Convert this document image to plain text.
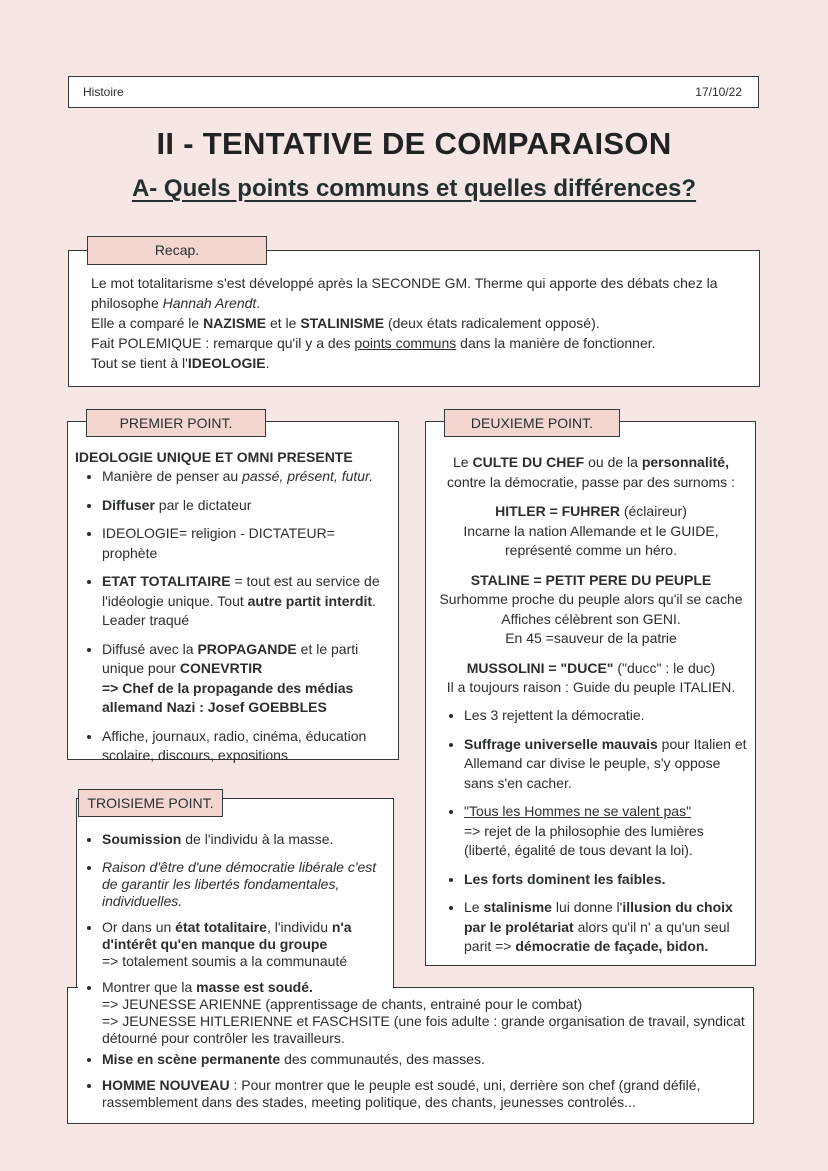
Histoire	17/10/22
II - TENTATIVE DE COMPARAISON
A- Quels points communs et quelles différences?
Recap.

Le mot totalitarisme s'est développé après la SECONDE GM. Therme qui apporte des débats chez la philosophe Hannah Arendt.

Elle a comparé le NAZISME et le STALINISME (deux états radicalement opposé).

Fait POLEMIQUE : remarque qu'il y a des points communs dans la manière de fonctionner.

Tout se tient à l'IDEOLOGIE.

PREMIER POINT.

IDEOLOGIE UNIQUE ET OMNI PRESENTE

• Manière de penser au passé, présent, futur.
• Diffuser par le dictateur
• IDEOLOGIE= religion - DICTATEUR= prophète
• ETAT TOTALITAIRE = tout est au service de l'idéologie unique. Tout autre partit interdit. Leader traqué
• Diffusé avec la PROPAGANDE et le parti unique pour CONEVRTIR
=> Chef de la propagande des médias allemand Nazi : Josef GOEBBLES
• Affiche, journaux, radio, cinéma, éducation scolaire, discours, expositions
DEUXIEME POINT.

Le CULTE DU CHEF ou de la personnalité,

contre la démocratie, passe par des surnoms :

HITLER = FUHRER (éclaireur)

Incarne la nation Allemande et le GUIDE,

représenté comme un héro.

STALINE = PETIT PERE DU PEUPLE

Surhomme proche du peuple alors qu'il se cache

Affiches célèbrent son GENI.

En 45 =sauveur de la patrie

MUSSOLINI = "DUCE" ("ducc" : le duc)

Il a toujours raison : Guide du peuple ITALIEN.

• Les 3 rejettent la démocratie.
• Suffrage universelle mauvais pour Italien et Allemand car divise le peuple, s'y oppose sans s'en cacher.
• "Tous les Hommes ne se valent pas"
=> rejet de la philosophie des lumières (liberté, égalité de tous devant la loi).
• Les forts dominent les faibles.
• Le stalinisme lui donne l'illusion du choix par le prolétariat alors qu'il n' a qu'un seul parit => démocratie de façade, bidon.
TROISIEME POINT.
• Soumission de l'individu à la masse.
• Raison d'être d'une démocratie libérale c'est de garantir les libertés fondamentales, individuelles.
• Or dans un état totalitaire, l'individu n'a d'intérêt qu'en manque du groupe
=> totalement soumis a la communauté
• Montrer que la masse est soudé.
=> JEUNESSE ARIENNE (apprentissage de chants, entrainé pour le combat)
=> JEUNESSE HITLERIENNE et FASCHSITE (une fois adulte : grande organisation de travail, syndicat détourné pour contrôler les travailleurs.
• Mise en scène permanente des communautés, des masses.
• HOMME NOUVEAU : Pour montrer que le peuple est soudé, uni, derrière son chef (grand défilé, rassemblement dans des stades, meeting politique, des chants, jeunesses controlés...
